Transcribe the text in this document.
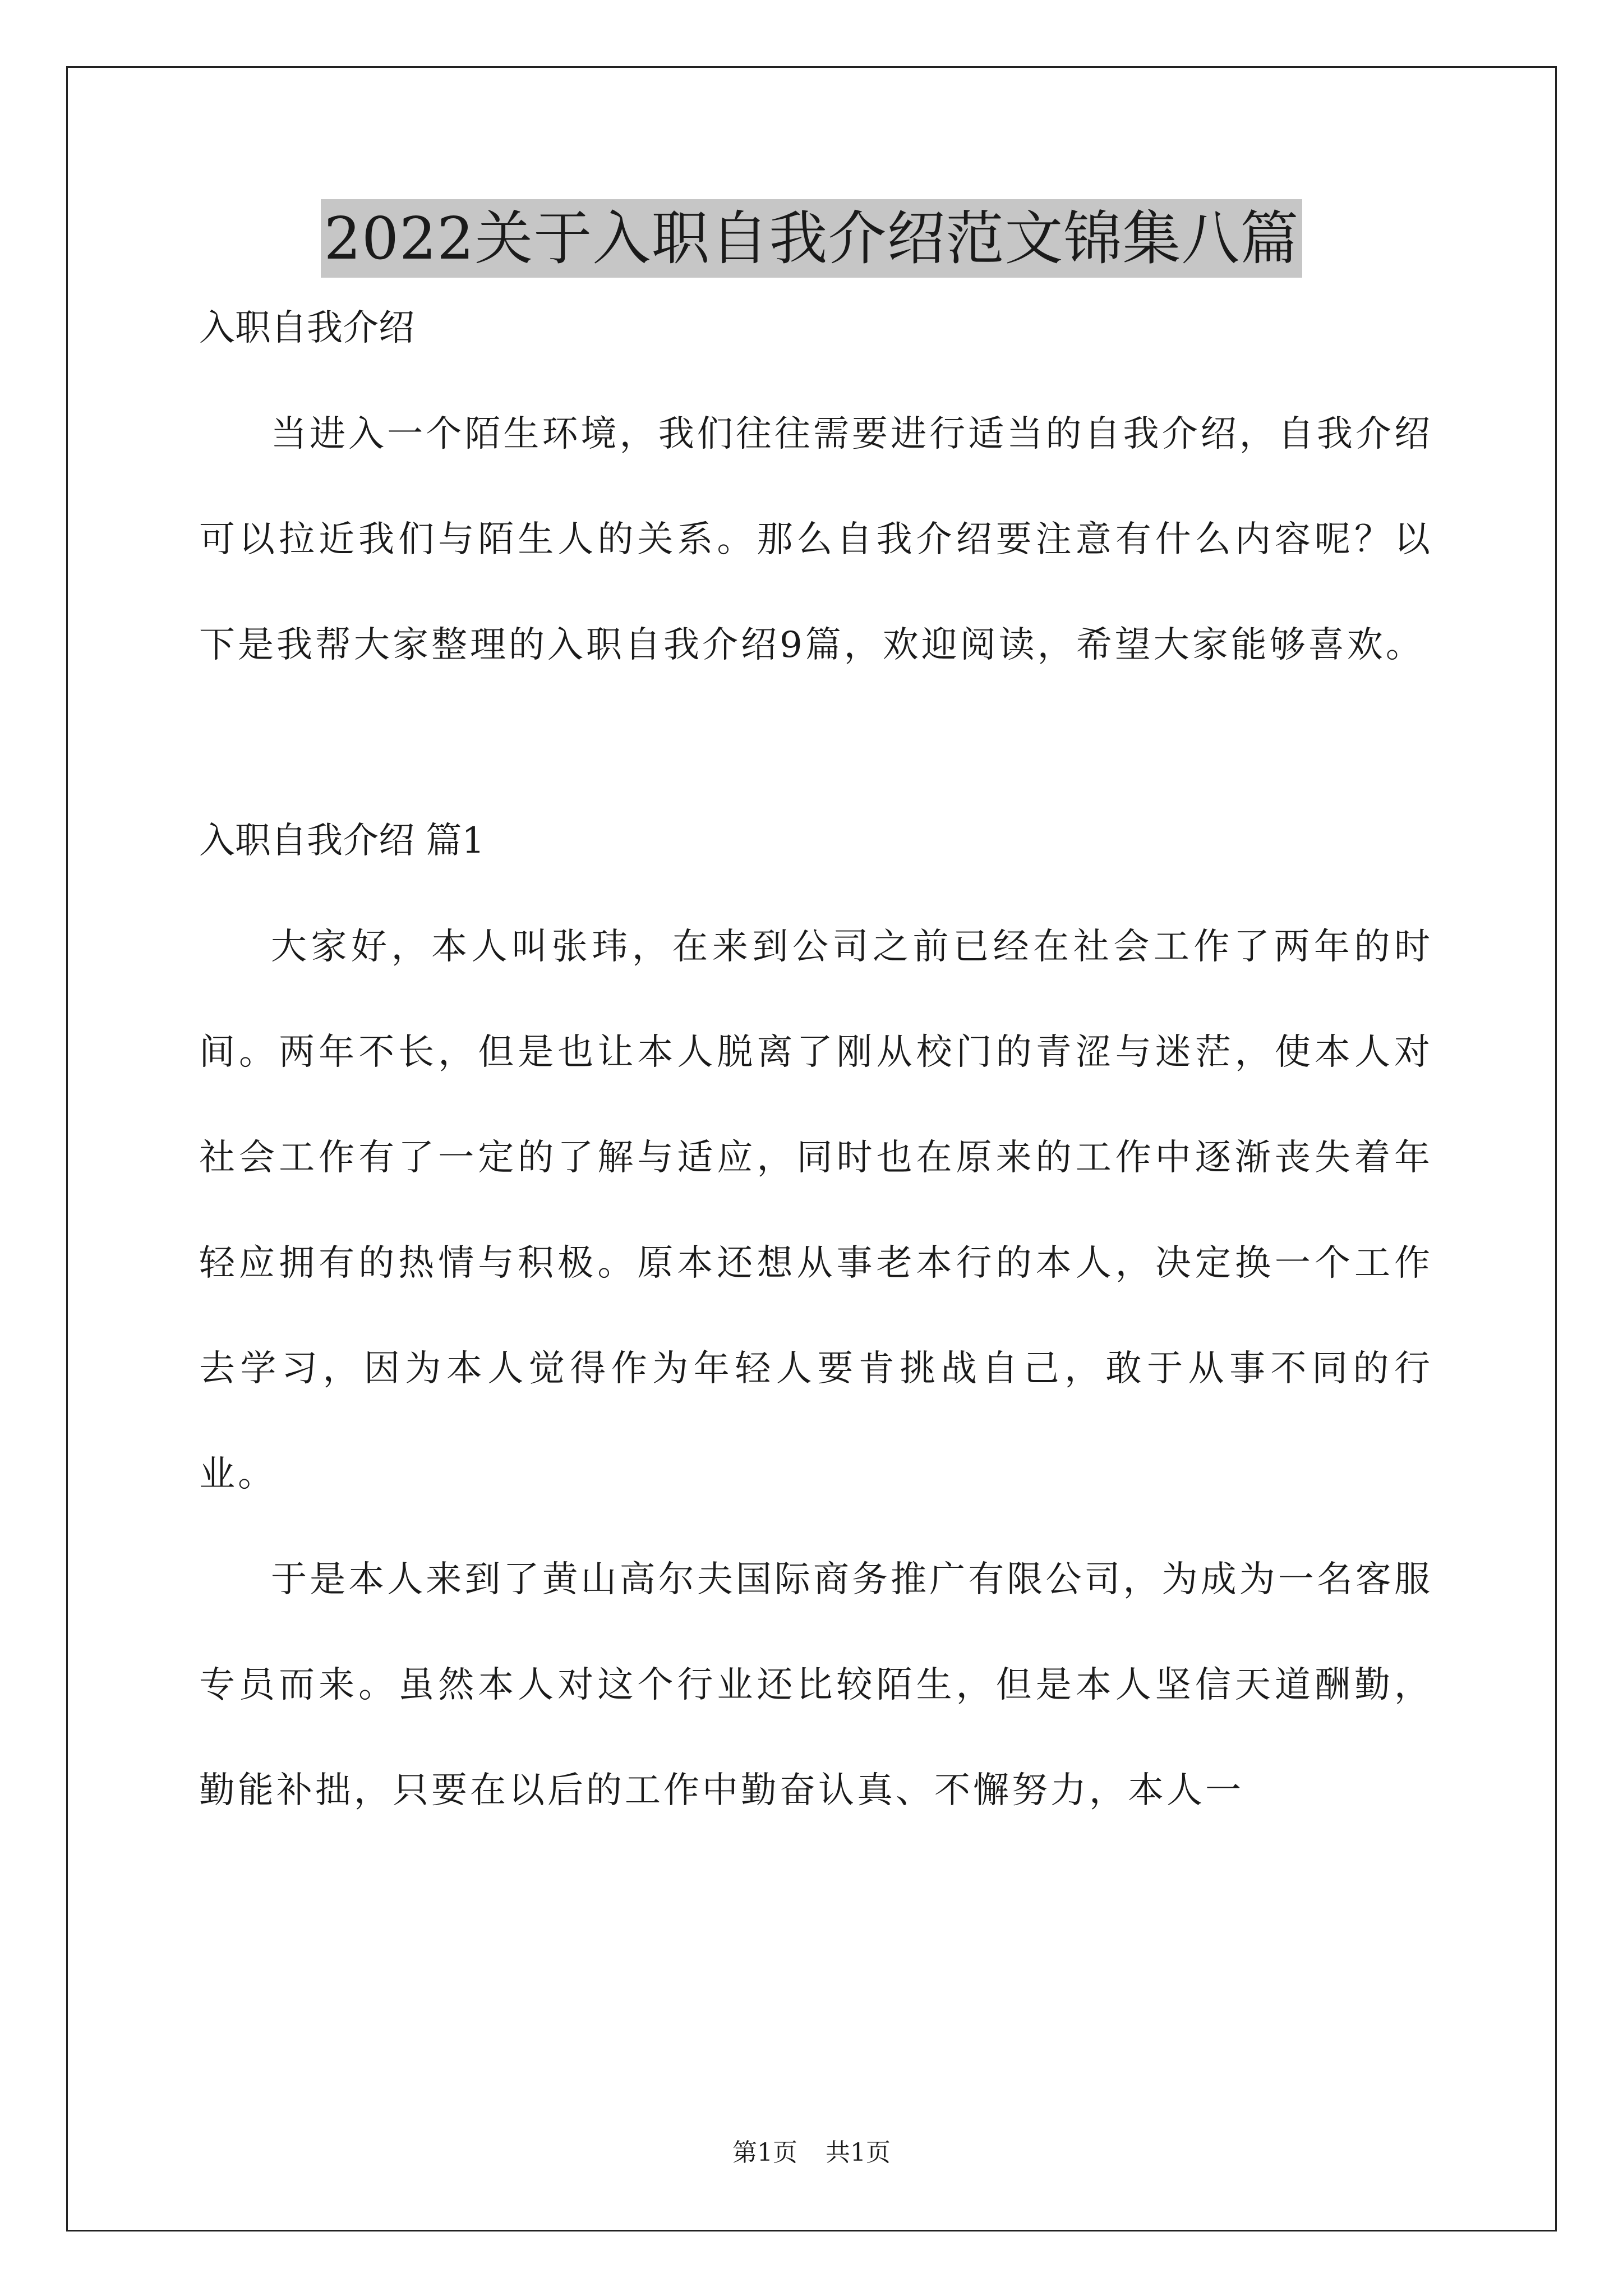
2022关于入职自我介绍范文锦集八篇
入职自我介绍

当进入一个陌生环境，我们往往需要进行适当的自我介绍，自我介绍可以拉近我们与陌生人的关系。那么自我介绍要注意有什么内容呢？以下是我帮大家整理的入职自我介绍9篇，欢迎阅读，希望大家能够喜欢。

入职自我介绍 篇1

大家好，本人叫张玮，在来到公司之前已经在社会工作了两年的时间。两年不长，但是也让本人脱离了刚从校门的青涩与迷茫，使本人对社会工作有了一定的了解与适应，同时也在原来的工作中逐渐丧失着年轻应拥有的热情与积极。原本还想从事老本行的本人，决定换一个工作去学习，因为本人觉得作为年轻人要肯挑战自己，敢于从事不同的行业。

于是本人来到了黄山高尔夫国际商务推广有限公司，为成为一名客服专员而来。虽然本人对这个行业还比较陌生，但是本人坚信天道酬勤，勤能补拙，只要在以后的工作中勤奋认真、不懈努力，本人一

第1页 共1页
